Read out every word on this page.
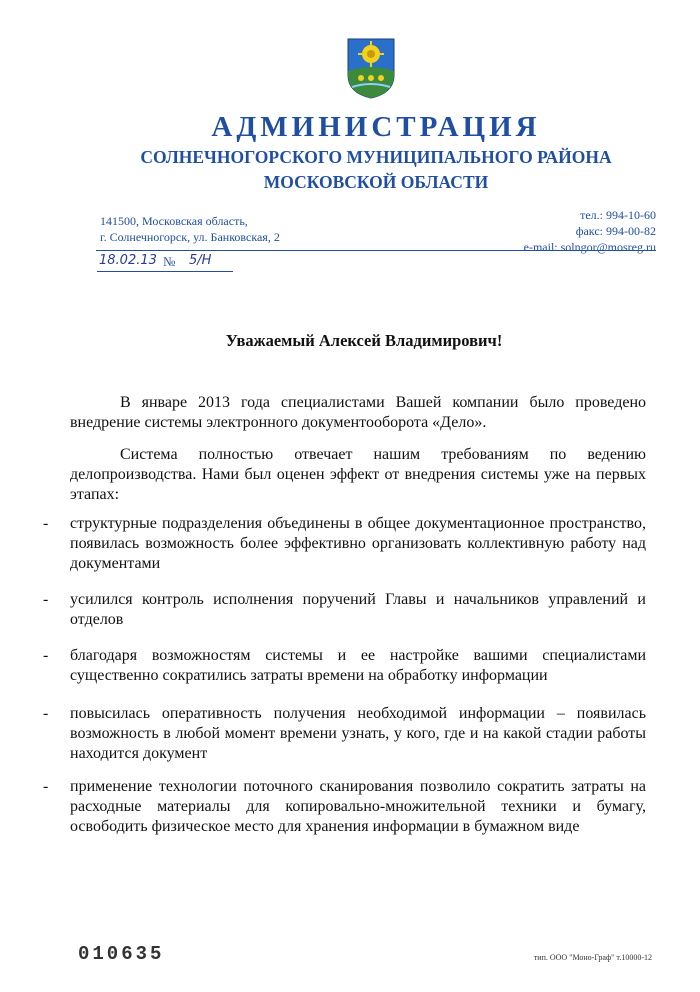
АДМИНИСТРАЦИЯ
СОЛНЕЧНОГОРСКОГО МУНИЦИПАЛЬНОГО РАЙОНА
МОСКОВСКОЙ ОБЛАСТИ
141500, Московская область,
г. Солнечногорск, ул. Банковская, 2
тел.: 994-10-60
факс: 994-00-82
e-mail: solngor@mosreg.ru
18.02.13 № 5/Н
Уважаемый Алексей Владимирович!
В январе 2013 года специалистами Вашей компании было проведено внедрение системы электронного документооборота «Дело».
Система полностью отвечает нашим требованиям по ведению делопроизводства. Нами был оценен эффект от внедрения системы уже на первых этапах:
- структурные подразделения объединены в общее документационное пространство, появилась возможность более эффективно организовать коллективную работу над документами
- усилился контроль исполнения поручений Главы и начальников управлений и отделов
- благодаря возможностям системы и ее настройке вашими специалистами существенно сократились затраты времени на обработку информации
- повысилась оперативность получения необходимой информации – появилась возможность в любой момент времени узнать, у кого, где и на какой стадии работы находится документ
- применение технологии поточного сканирования позволило сократить затраты на расходные материалы для копировально-множительной техники и бумагу, освободить физическое место для хранения информации в бумажном виде
010635	тип. ООО "Моно-Граф" т.10000-12
